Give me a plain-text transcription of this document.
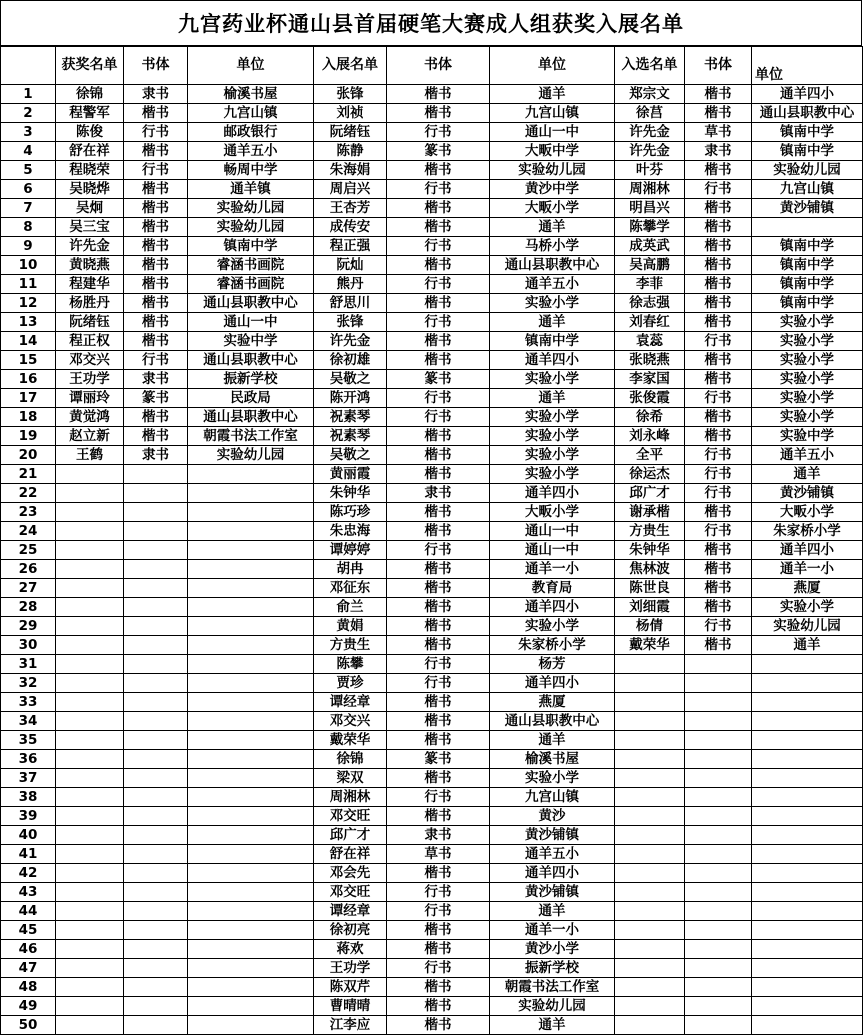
九宫药业杯通山县首届硬笔大赛成人组获奖入展名单
	获奖名单	书体	单位	入展名单	书体	单位	入选名单	书体	单位
1	徐锦	隶书	榆溪书屋	张锋	楷书	通羊	郑宗文	楷书	通羊四小
2	程警军	楷书	九宫山镇	刘祯	楷书	九宫山镇	徐莒	楷书	通山县职教中心
3	陈俊	行书	邮政银行	阮绪钰	行书	通山一中	许先金	草书	镇南中学
4	舒在祥	楷书	通羊五小	陈静	篆书	大畈中学	许先金	隶书	镇南中学
5	程晓荣	行书	畅周中学	朱海娟	楷书	实验幼儿园	叶芬	楷书	实验幼儿园
6	吴晓烨	楷书	通羊镇	周启兴	行书	黄沙中学	周湘林	行书	九宫山镇
7	吴炯	楷书	实验幼儿园	王杏芳	楷书	大畈小学	明昌兴	楷书	黄沙铺镇
8	吴三宝	楷书	实验幼儿园	成传安	楷书	通羊	陈攀学	楷书	
9	许先金	楷书	镇南中学	程正强	行书	马桥小学	成英武	楷书	镇南中学
10	黄晓燕	楷书	睿涵书画院	阮灿	楷书	通山县职教中心	吴高鹏	楷书	镇南中学
11	程建华	楷书	睿涵书画院	熊丹	行书	通羊五小	李菲	楷书	镇南中学
12	杨胜丹	楷书	通山县职教中心	舒思川	楷书	实验小学	徐志强	楷书	镇南中学
13	阮绪钰	楷书	通山一中	张锋	行书	通羊	刘春红	楷书	实验小学
14	程正权	楷书	实验中学	许先金	楷书	镇南中学	袁蕊	行书	实验小学
15	邓交兴	行书	通山县职教中心	徐初雄	楷书	通羊四小	张晓燕	楷书	实验小学
16	王功学	隶书	振新学校	吴敬之	篆书	实验小学	李家国	楷书	实验小学
17	谭丽玲	篆书	民政局	陈开鸿	行书	通羊	张俊霞	行书	实验小学
18	黄觉鸿	楷书	通山县职教中心	祝素琴	行书	实验小学	徐希	楷书	实验小学
19	赵立新	楷书	朝霞书法工作室	祝素琴	楷书	实验小学	刘永峰	楷书	实验中学
20	王鹤	隶书	实验幼儿园	吴敬之	楷书	实验小学	全平	行书	通羊五小
21				黄丽霞	楷书	实验小学	徐运杰	行书	通羊
22				朱钟华	隶书	通羊四小	邱广才	行书	黄沙铺镇
23				陈巧珍	楷书	大畈小学	谢承楷	楷书	大畈小学
24				朱忠海	楷书	通山一中	方贵生	行书	朱家桥小学
25				谭婷婷	行书	通山一中	朱钟华	楷书	通羊四小
26				胡冉	楷书	通羊一小	焦林波	楷书	通羊一小
27				邓征东	楷书	教育局	陈世良	楷书	燕厦
28				俞兰	楷书	通羊四小	刘细霞	楷书	实验小学
29				黄娟	楷书	实验小学	杨倩	行书	实验幼儿园
30				方贵生	楷书	朱家桥小学	戴荣华	楷书	通羊
31				陈攀	行书	杨芳			
32				贾珍	行书	通羊四小			
33				谭经章	楷书	燕厦			
34				邓交兴	楷书	通山县职教中心			
35				戴荣华	楷书	通羊			
36				徐锦	篆书	榆溪书屋			
37				梁双	楷书	实验小学			
38				周湘林	行书	九宫山镇			
39				邓交旺	楷书	黄沙			
40				邱广才	隶书	黄沙铺镇			
41				舒在祥	草书	通羊五小			
42				邓会先	楷书	通羊四小			
43				邓交旺	行书	黄沙铺镇			
44				谭经章	行书	通羊			
45				徐初亮	楷书	通羊一小			
46				蒋欢	楷书	黄沙小学			
47				王功学	行书	振新学校			
48				陈双芹	楷书	朝霞书法工作室			
49				曹晴晴	楷书	实验幼儿园			
50				江李应	楷书	通羊			
